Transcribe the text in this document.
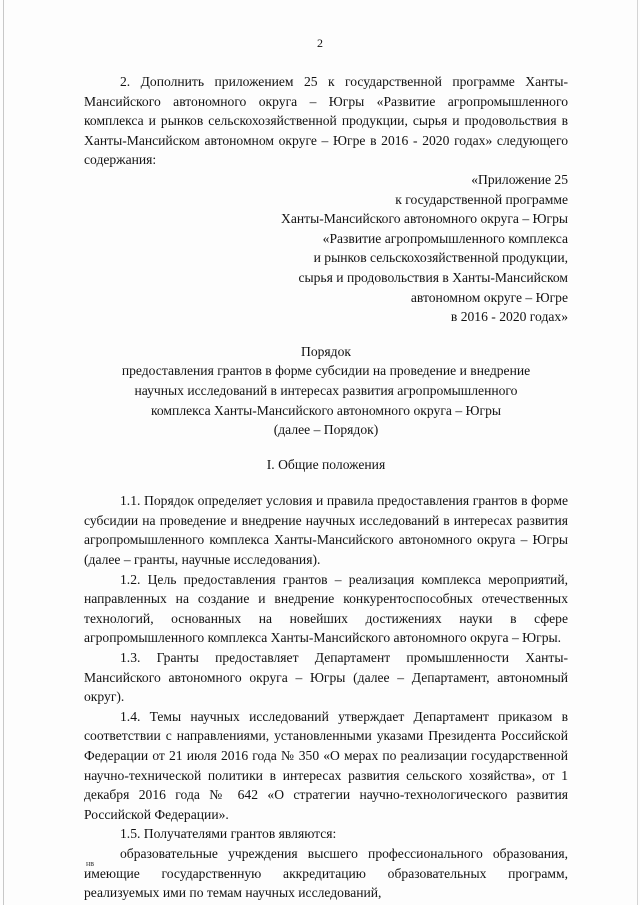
2

2. Дополнить приложением 25 к государственной программе Ханты-Мансийского автономного округа – Югры «Развитие агропромышленного комплекса и рынков сельскохозяйственной продукции, сырья и продовольствия в Ханты-Мансийском автономном округе – Югре в 2016 - 2020 годах» следующего содержания:

«Приложение 25
к государственной программе
Ханты-Мансийского автономного округа – Югры
«Развитие агропромышленного комплекса
и рынков сельскохозяйственной продукции,
сырья и продовольствия в Ханты-Мансийском
автономном округе – Югре
в 2016 - 2020 годах»
Порядок
предоставления грантов в форме субсидии на проведение и внедрение
научных исследований в интересах развития агропромышленного
комплекса Ханты-Мансийского автономного округа – Югры
(далее – Порядок)
I. Общие положения

1.1. Порядок определяет условия и правила предоставления грантов в форме субсидии на проведение и внедрение научных исследований в интересах развития агропромышленного комплекса Ханты-Мансийского автономного округа – Югры (далее – гранты, научные исследования).

1.2. Цель предоставления грантов – реализация комплекса мероприятий, направленных на создание и внедрение конкурентоспособных отечественных технологий, основанных на новейших достижениях науки в сфере агропромышленного комплекса Ханты-Мансийского автономного округа – Югры.

1.3. Гранты предоставляет Департамент промышленности Ханты-Мансийского автономного округа – Югры (далее – Департамент, автономный округ).

1.4. Темы научных исследований утверждает Департамент приказом в соответствии с направлениями, установленными указами Президента Российской Федерации от 21 июля 2016 года № 350 «О мерах по реализации государственной научно-технической политики в интересах развития сельского хозяйства», от 1 декабря 2016 года № 642 «О стратегии научно-технологического развития Российской Федерации».

1.5. Получателями грантов являются:

образовательные учреждения высшего профессионального образования, имеющие государственную аккредитацию образовательных программ, реализуемых ими по темам научных исследований,

нв
